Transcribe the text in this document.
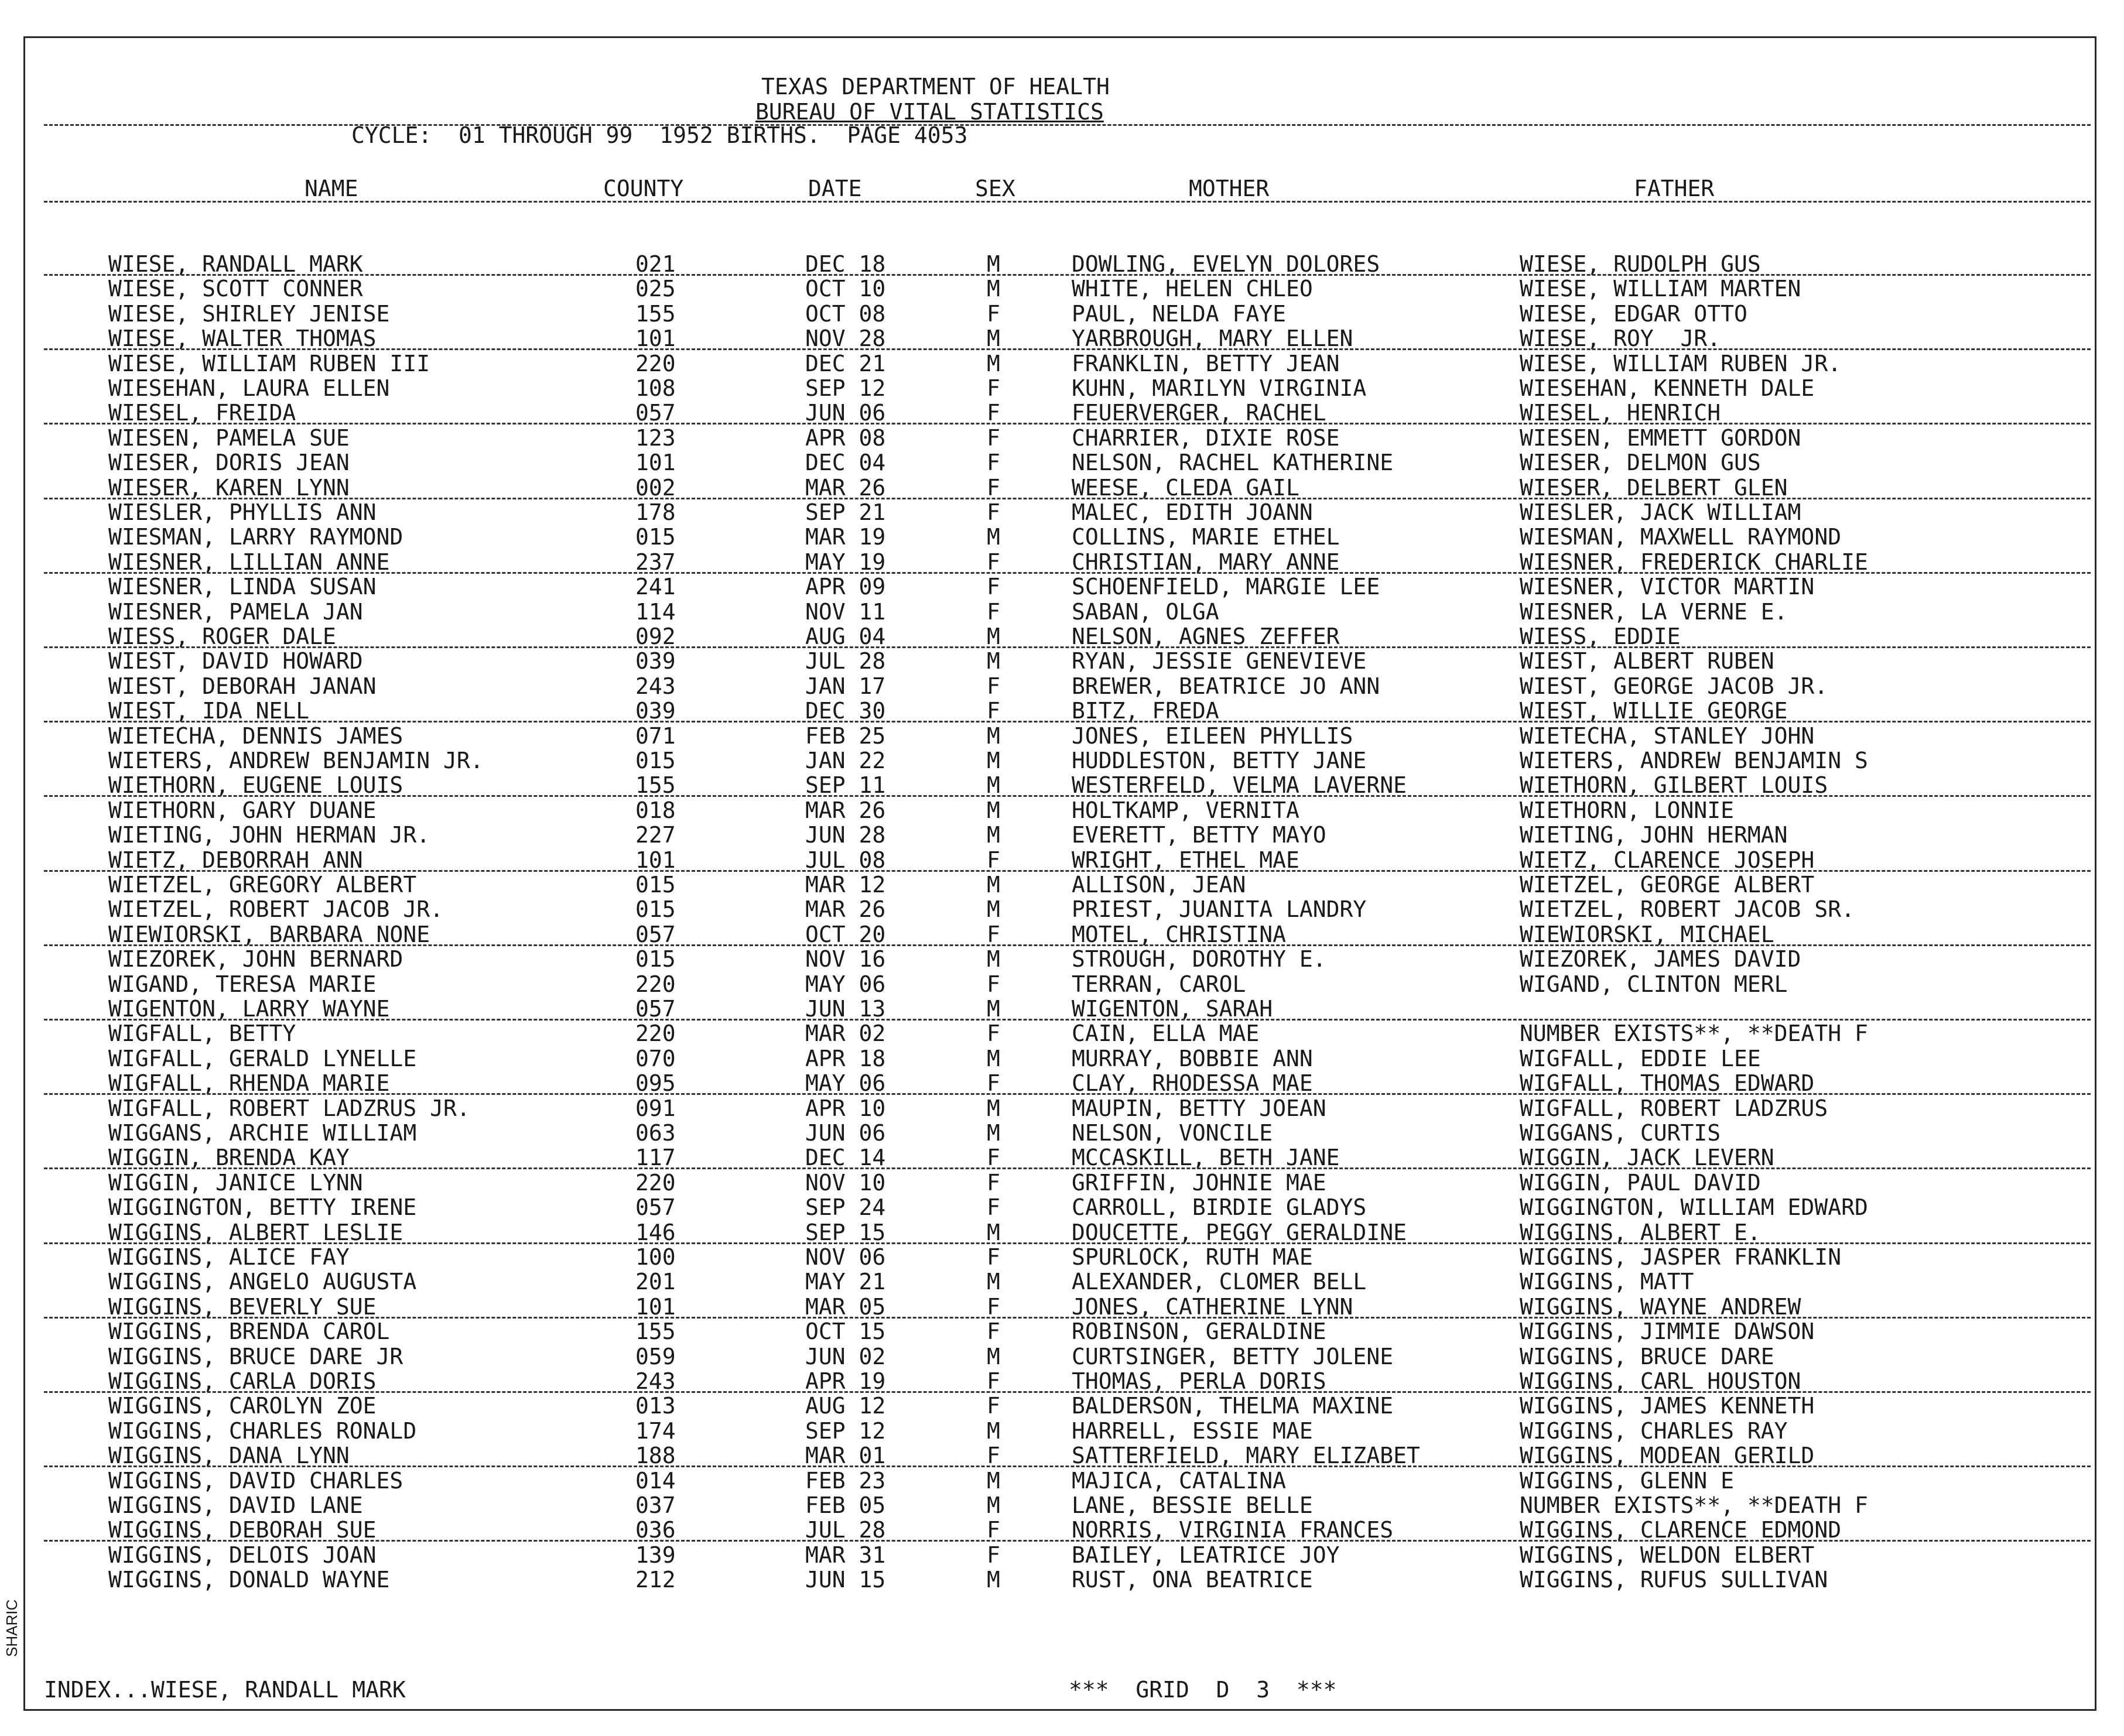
TEXAS DEPARTMENT OF HEALTH
BUREAU OF VITAL STATISTICS
CYCLE:  01 THROUGH 99  1952 BIRTHS.  PAGE 4053
NAME	COUNTY	DATE	SEX	MOTHER	FATHER
WIESE, RANDALL MARK	021	DEC 18	M	DOWLING, EVELYN DOLORES	WIESE, RUDOLPH GUS
WIESE, SCOTT CONNER	025	OCT 10	M	WHITE, HELEN CHLEO	WIESE, WILLIAM MARTEN
WIESE, SHIRLEY JENISE	155	OCT 08	F	PAUL, NELDA FAYE	WIESE, EDGAR OTTO
WIESE, WALTER THOMAS	101	NOV 28	M	YARBROUGH, MARY ELLEN	WIESE, ROY  JR.
WIESE, WILLIAM RUBEN III	220	DEC 21	M	FRANKLIN, BETTY JEAN	WIESE, WILLIAM RUBEN JR.
WIESEHAN, LAURA ELLEN	108	SEP 12	F	KUHN, MARILYN VIRGINIA	WIESEHAN, KENNETH DALE
WIESEL, FREIDA	057	JUN 06	F	FEUERVERGER, RACHEL	WIESEL, HENRICH
WIESEN, PAMELA SUE	123	APR 08	F	CHARRIER, DIXIE ROSE	WIESEN, EMMETT GORDON
WIESER, DORIS JEAN	101	DEC 04	F	NELSON, RACHEL KATHERINE	WIESER, DELMON GUS
WIESER, KAREN LYNN	002	MAR 26	F	WEESE, CLEDA GAIL	WIESER, DELBERT GLEN
WIESLER, PHYLLIS ANN	178	SEP 21	F	MALEC, EDITH JOANN	WIESLER, JACK WILLIAM
WIESMAN, LARRY RAYMOND	015	MAR 19	M	COLLINS, MARIE ETHEL	WIESMAN, MAXWELL RAYMOND
WIESNER, LILLIAN ANNE	237	MAY 19	F	CHRISTIAN, MARY ANNE	WIESNER, FREDERICK CHARLIE
WIESNER, LINDA SUSAN	241	APR 09	F	SCHOENFIELD, MARGIE LEE	WIESNER, VICTOR MARTIN
WIESNER, PAMELA JAN	114	NOV 11	F	SABAN, OLGA	WIESNER, LA VERNE E.
WIESS, ROGER DALE	092	AUG 04	M	NELSON, AGNES ZEFFER	WIESS, EDDIE
WIEST, DAVID HOWARD	039	JUL 28	M	RYAN, JESSIE GENEVIEVE	WIEST, ALBERT RUBEN
WIEST, DEBORAH JANAN	243	JAN 17	F	BREWER, BEATRICE JO ANN	WIEST, GEORGE JACOB JR.
WIEST, IDA NELL	039	DEC 30	F	BITZ, FREDA	WIEST, WILLIE GEORGE
WIETECHA, DENNIS JAMES	071	FEB 25	M	JONES, EILEEN PHYLLIS	WIETECHA, STANLEY JOHN
WIETERS, ANDREW BENJAMIN JR.	015	JAN 22	M	HUDDLESTON, BETTY JANE	WIETERS, ANDREW BENJAMIN S
WIETHORN, EUGENE LOUIS	155	SEP 11	M	WESTERFELD, VELMA LAVERNE	WIETHORN, GILBERT LOUIS
WIETHORN, GARY DUANE	018	MAR 26	M	HOLTKAMP, VERNITA	WIETHORN, LONNIE
WIETING, JOHN HERMAN JR.	227	JUN 28	M	EVERETT, BETTY MAYO	WIETING, JOHN HERMAN
WIETZ, DEBORRAH ANN	101	JUL 08	F	WRIGHT, ETHEL MAE	WIETZ, CLARENCE JOSEPH
WIETZEL, GREGORY ALBERT	015	MAR 12	M	ALLISON, JEAN	WIETZEL, GEORGE ALBERT
WIETZEL, ROBERT JACOB JR.	015	MAR 26	M	PRIEST, JUANITA LANDRY	WIETZEL, ROBERT JACOB SR.
WIEWIORSKI, BARBARA NONE	057	OCT 20	F	MOTEL, CHRISTINA	WIEWIORSKI, MICHAEL
WIEZOREK, JOHN BERNARD	015	NOV 16	M	STROUGH, DOROTHY E.	WIEZOREK, JAMES DAVID
WIGAND, TERESA MARIE	220	MAY 06	F	TERRAN, CAROL	WIGAND, CLINTON MERL
WIGENTON, LARRY WAYNE	057	JUN 13	M	WIGENTON, SARAH
WIGFALL, BETTY	220	MAR 02	F	CAIN, ELLA MAE	NUMBER EXISTS**, **DEATH F
WIGFALL, GERALD LYNELLE	070	APR 18	M	MURRAY, BOBBIE ANN	WIGFALL, EDDIE LEE
WIGFALL, RHENDA MARIE	095	MAY 06	F	CLAY, RHODESSA MAE	WIGFALL, THOMAS EDWARD
WIGFALL, ROBERT LADZRUS JR.	091	APR 10	M	MAUPIN, BETTY JOEAN	WIGFALL, ROBERT LADZRUS
WIGGANS, ARCHIE WILLIAM	063	JUN 06	M	NELSON, VONCILE	WIGGANS, CURTIS
WIGGIN, BRENDA KAY	117	DEC 14	F	MCCASKILL, BETH JANE	WIGGIN, JACK LEVERN
WIGGIN, JANICE LYNN	220	NOV 10	F	GRIFFIN, JOHNIE MAE	WIGGIN, PAUL DAVID
WIGGINGTON, BETTY IRENE	057	SEP 24	F	CARROLL, BIRDIE GLADYS	WIGGINGTON, WILLIAM EDWARD
WIGGINS, ALBERT LESLIE	146	SEP 15	M	DOUCETTE, PEGGY GERALDINE	WIGGINS, ALBERT E.
WIGGINS, ALICE FAY	100	NOV 06	F	SPURLOCK, RUTH MAE	WIGGINS, JASPER FRANKLIN
WIGGINS, ANGELO AUGUSTA	201	MAY 21	M	ALEXANDER, CLOMER BELL	WIGGINS, MATT
WIGGINS, BEVERLY SUE	101	MAR 05	F	JONES, CATHERINE LYNN	WIGGINS, WAYNE ANDREW
WIGGINS, BRENDA CAROL	155	OCT 15	F	ROBINSON, GERALDINE	WIGGINS, JIMMIE DAWSON
WIGGINS, BRUCE DARE JR	059	JUN 02	M	CURTSINGER, BETTY JOLENE	WIGGINS, BRUCE DARE
WIGGINS, CARLA DORIS	243	APR 19	F	THOMAS, PERLA DORIS	WIGGINS, CARL HOUSTON
WIGGINS, CAROLYN ZOE	013	AUG 12	F	BALDERSON, THELMA MAXINE	WIGGINS, JAMES KENNETH
WIGGINS, CHARLES RONALD	174	SEP 12	M	HARRELL, ESSIE MAE	WIGGINS, CHARLES RAY
WIGGINS, DANA LYNN	188	MAR 01	F	SATTERFIELD, MARY ELIZABET	WIGGINS, MODEAN GERILD
WIGGINS, DAVID CHARLES	014	FEB 23	M	MAJICA, CATALINA	WIGGINS, GLENN E
WIGGINS, DAVID LANE	037	FEB 05	M	LANE, BESSIE BELLE	NUMBER EXISTS**, **DEATH F
WIGGINS, DEBORAH SUE	036	JUL 28	F	NORRIS, VIRGINIA FRANCES	WIGGINS, CLARENCE EDMOND
WIGGINS, DELOIS JOAN	139	MAR 31	F	BAILEY, LEATRICE JOY	WIGGINS, WELDON ELBERT
WIGGINS, DONALD WAYNE	212	JUN 15	M	RUST, ONA BEATRICE	WIGGINS, RUFUS SULLIVAN
INDEX...WIESE, RANDALL MARK	***  GRID  D  3  ***
SHARIC
